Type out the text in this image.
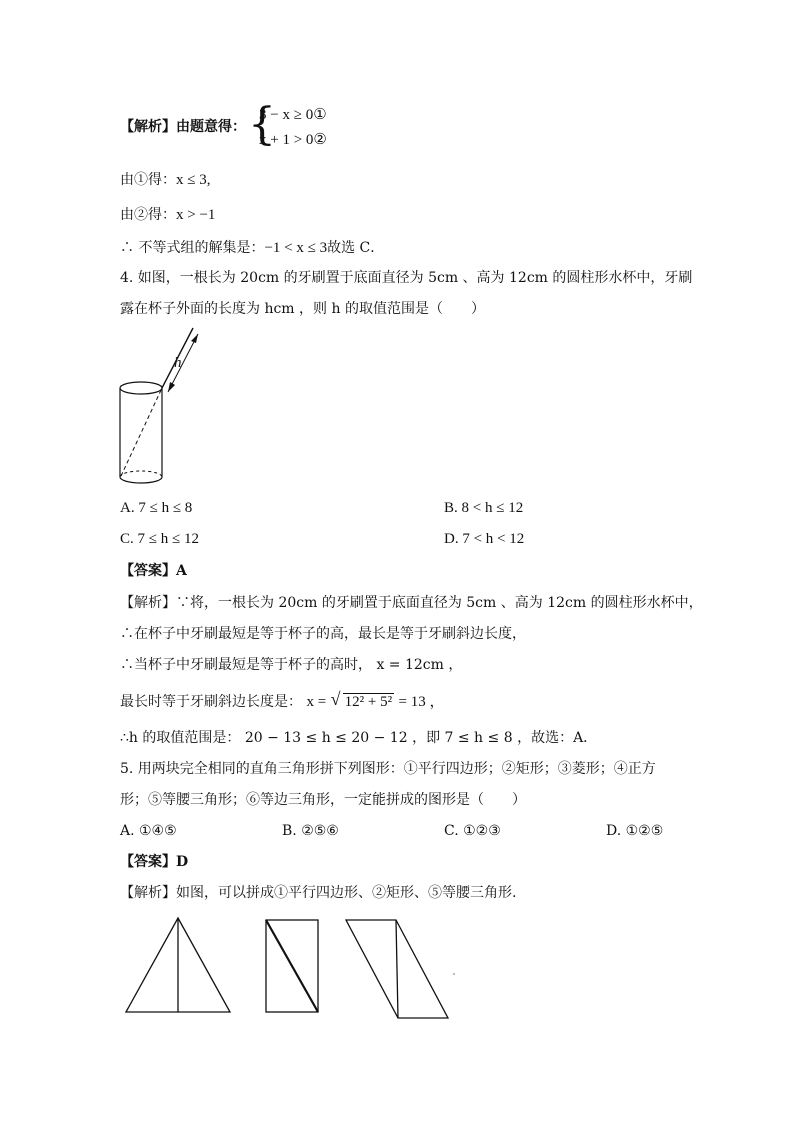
【解析】由题意得： {
3 − x ≥ 0①
x + 1 > 0②
由①得：x ≤ 3,
由②得：x > −1
∴ 不等式组的解集是：−1 < x ≤ 3故选 C．
4. 如图，一根长为 20cm 的牙刷置于底面直径为 5cm 、高为 12cm 的圆柱形水杯中，牙刷
露在杯子外面的长度为 hcm ，则 h 的取值范围是（　　）
h
A. 7 ≤ h ≤ 8	B. 8 < h ≤ 12
C. 7 ≤ h ≤ 12	D. 7 < h < 12
【答案】A
【解析】∵将，一根长为 20cm 的牙刷置于底面直径为 5cm 、高为 12cm 的圆柱形水杯中，
∴在杯子中牙刷最短是等于杯子的高，最长是等于牙刷斜边长度，
∴当杯子中牙刷最短是等于杯子的高时， x = 12cm ，
最长时等于牙刷斜边长度是： x = √ 12² + 5² = 13 ，
∴h 的取值范围是： 20 − 13 ≤ h ≤ 20 − 12 ，即 7 ≤ h ≤ 8 ，故选：A．
5. 用两块完全相同的直角三角形拼下列图形：①平行四边形；②矩形；③菱形；④正方
形；⑤等腰三角形；⑥等边三角形，一定能拼成的图形是（　　）
A. ①④⑤	B. ②⑤⑥	C. ①②③	D. ①②⑤
【答案】D
【解析】如图，可以拼成①平行四边形、②矩形、⑤等腰三角形.
